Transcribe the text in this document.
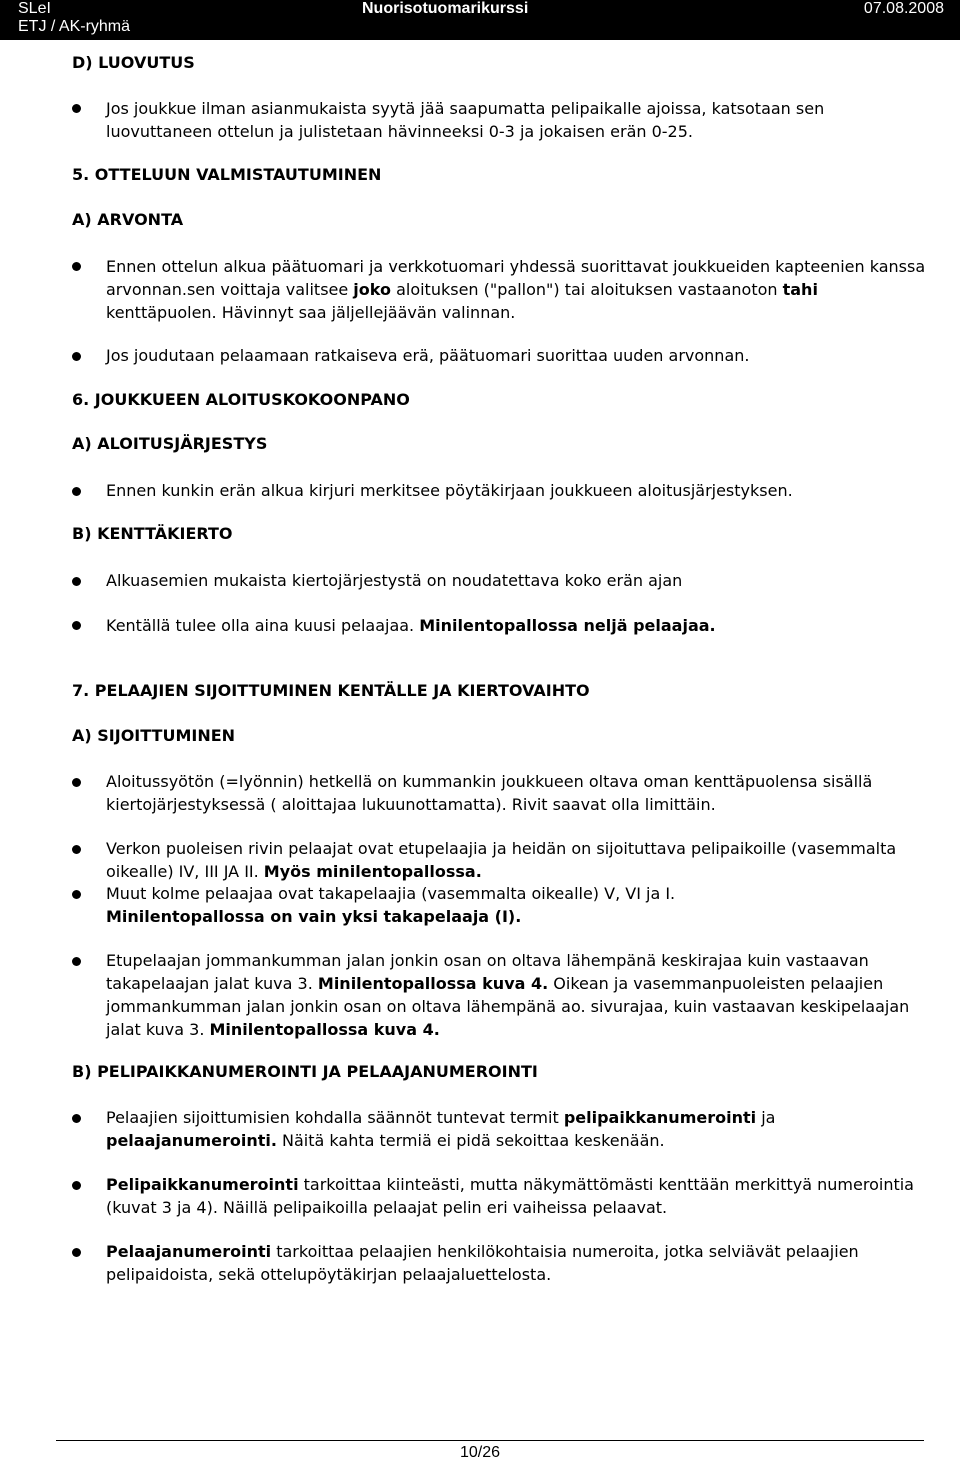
SLeI
ETJ / AK-ryhmä
Nuorisotuomarikurssi	07.08.2008
D) LUOVUTUS
Jos joukkue ilman asianmukaista syytä jää saapumatta pelipaikalle ajoissa, katsotaan sen luovuttaneen ottelun ja julistetaan hävinneeksi 0-3 ja jokaisen erän 0-25.
5. OTTELUUN VALMISTAUTUMINEN
A) ARVONTA
Ennen ottelun alkua päätuomari ja verkkotuomari yhdessä suorittavat joukkueiden kapteenien kanssa arvonnan.sen voittaja valitsee joko aloituksen ("pallon") tai aloituksen vastaanoton tahi kenttäpuolen. Hävinnyt saa jäljellejäävän valinnan.
Jos joudutaan pelaamaan ratkaiseva erä, päätuomari suorittaa uuden arvonnan.
6. JOUKKUEEN ALOITUSKOKOONPANO
A) ALOITUSJÄRJESTYS
Ennen kunkin erän alkua kirjuri merkitsee pöytäkirjaan joukkueen aloitusjärjestyksen.
B) KENTTÄKIERTO
Alkuasemien mukaista kiertojärjestystä on noudatettava koko erän ajan
Kentällä tulee olla aina kuusi pelaajaa. Minilentopallossa neljä pelaajaa.
7. PELAAJIEN SIJOITTUMINEN KENTÄLLE JA KIERTOVAIHTO
A) SIJOITTUMINEN
Aloitussyötön (=lyönnin) hetkellä on kummankin joukkueen oltava oman kenttäpuolensa sisällä kiertojärjestyksessä ( aloittajaa lukuunottamatta). Rivit saavat olla limittäin.
Verkon puoleisen rivin pelaajat ovat etupelaajia ja heidän on sijoituttava pelipaikoille (vasemmalta oikealle) IV, III JA II. Myös minilentopallossa.
Muut kolme pelaajaa ovat takapelaajia (vasemmalta oikealle) V, VI ja I.
Minilentopallossa on vain yksi takapelaaja (I).
Etupelaajan jommankumman jalan jonkin osan on oltava lähempänä keskirajaa kuin vastaavan takapelaajan jalat kuva 3. Minilentopallossa kuva 4. Oikean ja vasemmanpuoleisten pelaajien jommankumman jalan jonkin osan on oltava lähempänä ao. sivurajaa, kuin vastaavan keskipelaajan jalat kuva 3. Minilentopallossa kuva 4.
B) PELIPAIKKANUMEROINTI JA PELAAJANUMEROINTI
Pelaajien sijoittumisien kohdalla säännöt tuntevat termit pelipaikkanumerointi ja pelaajanumerointi. Näitä kahta termiä ei pidä sekoittaa keskenään.
Pelipaikkanumerointi tarkoittaa kiinteästi, mutta näkymättömästi kenttään merkittyä numerointia (kuvat 3 ja 4). Näillä pelipaikoilla pelaajat pelin eri vaiheissa pelaavat.
Pelaajanumerointi tarkoittaa pelaajien henkilökohtaisia numeroita, jotka selviävät pelaajien pelipaidoista, sekä ottelupöytäkirjan pelaajaluettelosta.
10/26
